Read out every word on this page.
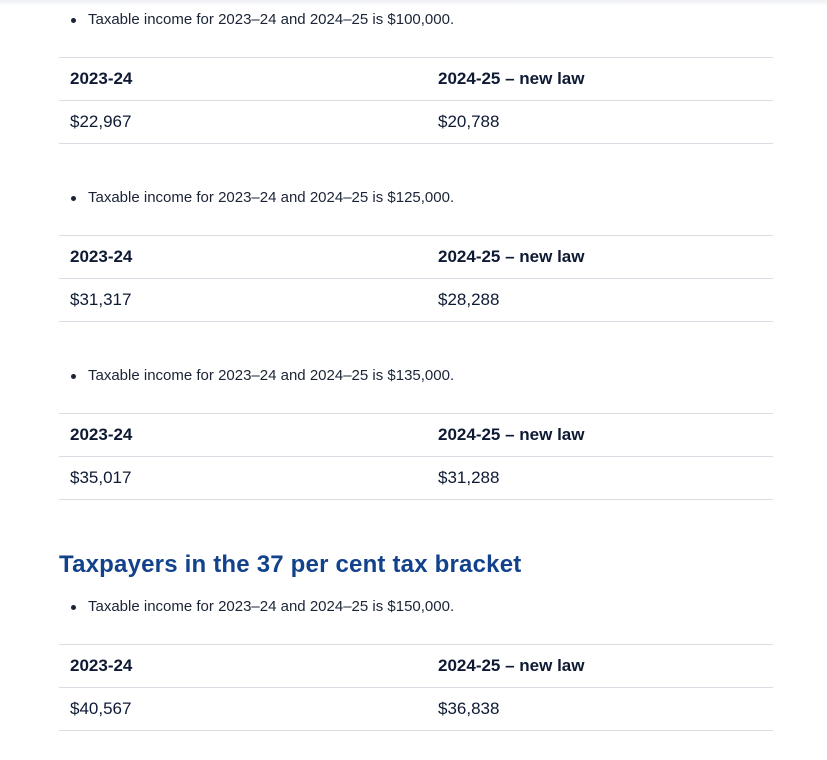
Taxable income for 2023–24 and 2024–25 is $100,000.
2023-24	2024-25 – new law
$22,967	$20,788
Taxable income for 2023–24 and 2024–25 is $125,000.
2023-24	2024-25 – new law
$31,317	$28,288
Taxable income for 2023–24 and 2024–25 is $135,000.
2023-24	2024-25 – new law
$35,017	$31,288
Taxpayers in the 37 per cent tax bracket
Taxable income for 2023–24 and 2024–25 is $150,000.
2023-24	2024-25 – new law
$40,567	$36,838
